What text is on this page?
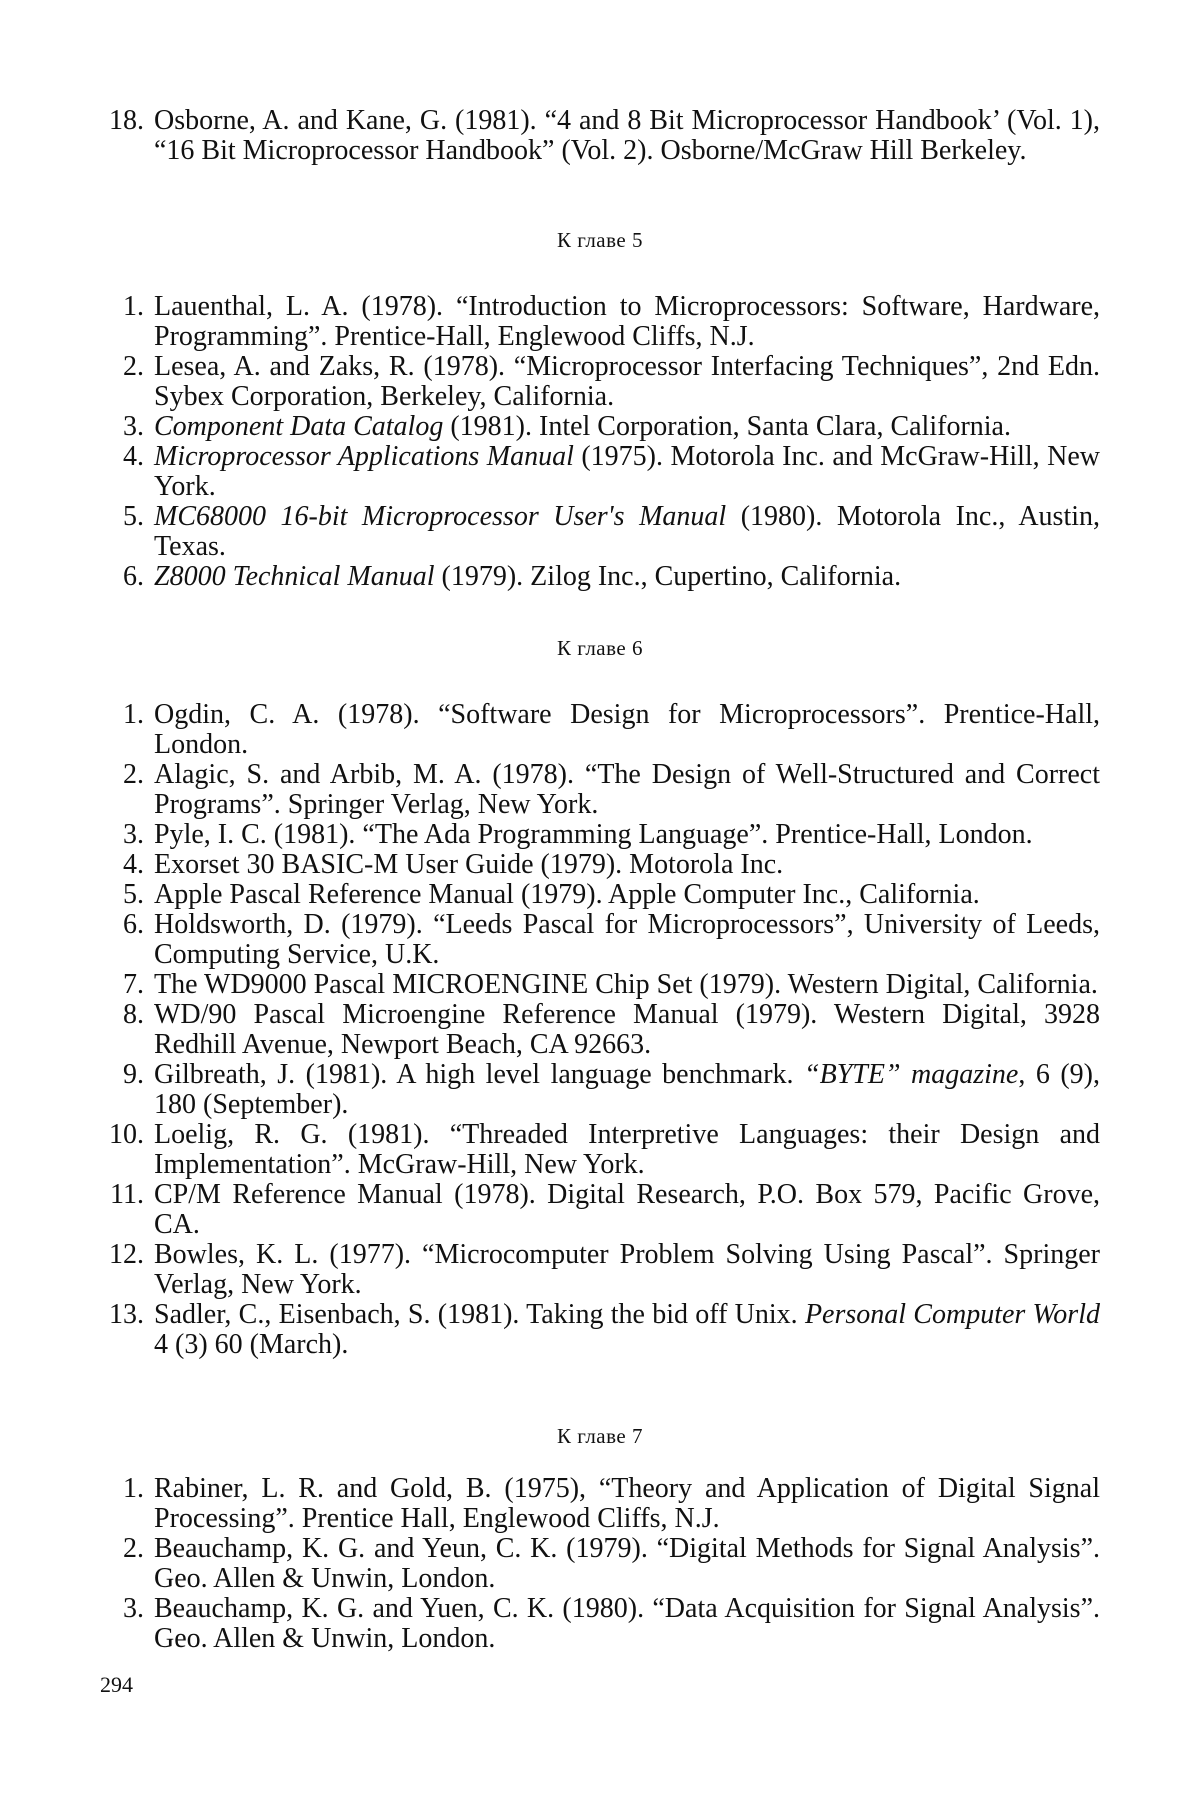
18. Osborne, A. and Kane, G. (1981). “4 and 8 Bit Microprocessor Handbook’ (Vol. 1), “16 Bit Microprocessor Handbook” (Vol. 2). Osborne/McGraw Hill Berkeley.
К главе 5
1. Lauenthal, L. A. (1978). “Introduction to Microprocessors: Software, Hardware, Programming”. Prentice-Hall, Englewood Cliffs, N.J.
2. Lesea, A. and Zaks, R. (1978). “Microprocessor Interfacing Techniques”, 2nd Edn. Sybex Corporation, Berkeley, California.
3. Component Data Catalog (1981). Intel Corporation, Santa Clara, California.
4. Microprocessor Applications Manual (1975). Motorola Inc. and McGraw-Hill, New York.
5. MC68000 16-bit Microprocessor User's Manual (1980). Motorola Inc., Austin, Texas.
6. Z8000 Technical Manual (1979). Zilog Inc., Cupertino, California.
К главе 6
1. Ogdin, C. A. (1978). “Software Design for Microprocessors”. Prentice-Hall, London.
2. Alagic, S. and Arbib, M. A. (1978). “The Design of Well-Structured and Correct Programs”. Springer Verlag, New York.
3. Pyle, I. C. (1981). “The Ada Programming Language”. Prentice-Hall, London.
4. Exorset 30 BASIC-M User Guide (1979). Motorola Inc.
5. Apple Pascal Reference Manual (1979). Apple Computer Inc., California.
6. Holdsworth, D. (1979). “Leeds Pascal for Microprocessors”, University of Leeds, Computing Service, U.K.
7. The WD9000 Pascal MICROENGINE Chip Set (1979). Western Digital, California.
8. WD/90 Pascal Microengine Reference Manual (1979). Western Digital, 3928 Redhill Avenue, Newport Beach, CA 92663.
9. Gilbreath, J. (1981). A high level language benchmark. “BYTE” magazine, 6 (9), 180 (September).
10. Loelig, R. G. (1981). “Threaded Interpretive Languages: their Design and Implementation”. McGraw-Hill, New York.
11. CP/M Reference Manual (1978). Digital Research, P.O. Box 579, Pacific Grove, CA.
12. Bowles, K. L. (1977). “Microcomputer Problem Solving Using Pascal”. Springer Verlag, New York.
13. Sadler, C., Eisenbach, S. (1981). Taking the bid off Unix. Personal Computer World 4 (3) 60 (March).
К главе 7
1. Rabiner, L. R. and Gold, B. (1975), “Theory and Application of Digital Signal Processing”. Prentice Hall, Englewood Cliffs, N.J.
2. Beauchamp, K. G. and Yeun, C. K. (1979). “Digital Methods for Signal Analysis”. Geo. Allen & Unwin, London.
3. Beauchamp, K. G. and Yuen, C. K. (1980). “Data Acquisition for Signal Analysis”. Geo. Allen & Unwin, London.
294
